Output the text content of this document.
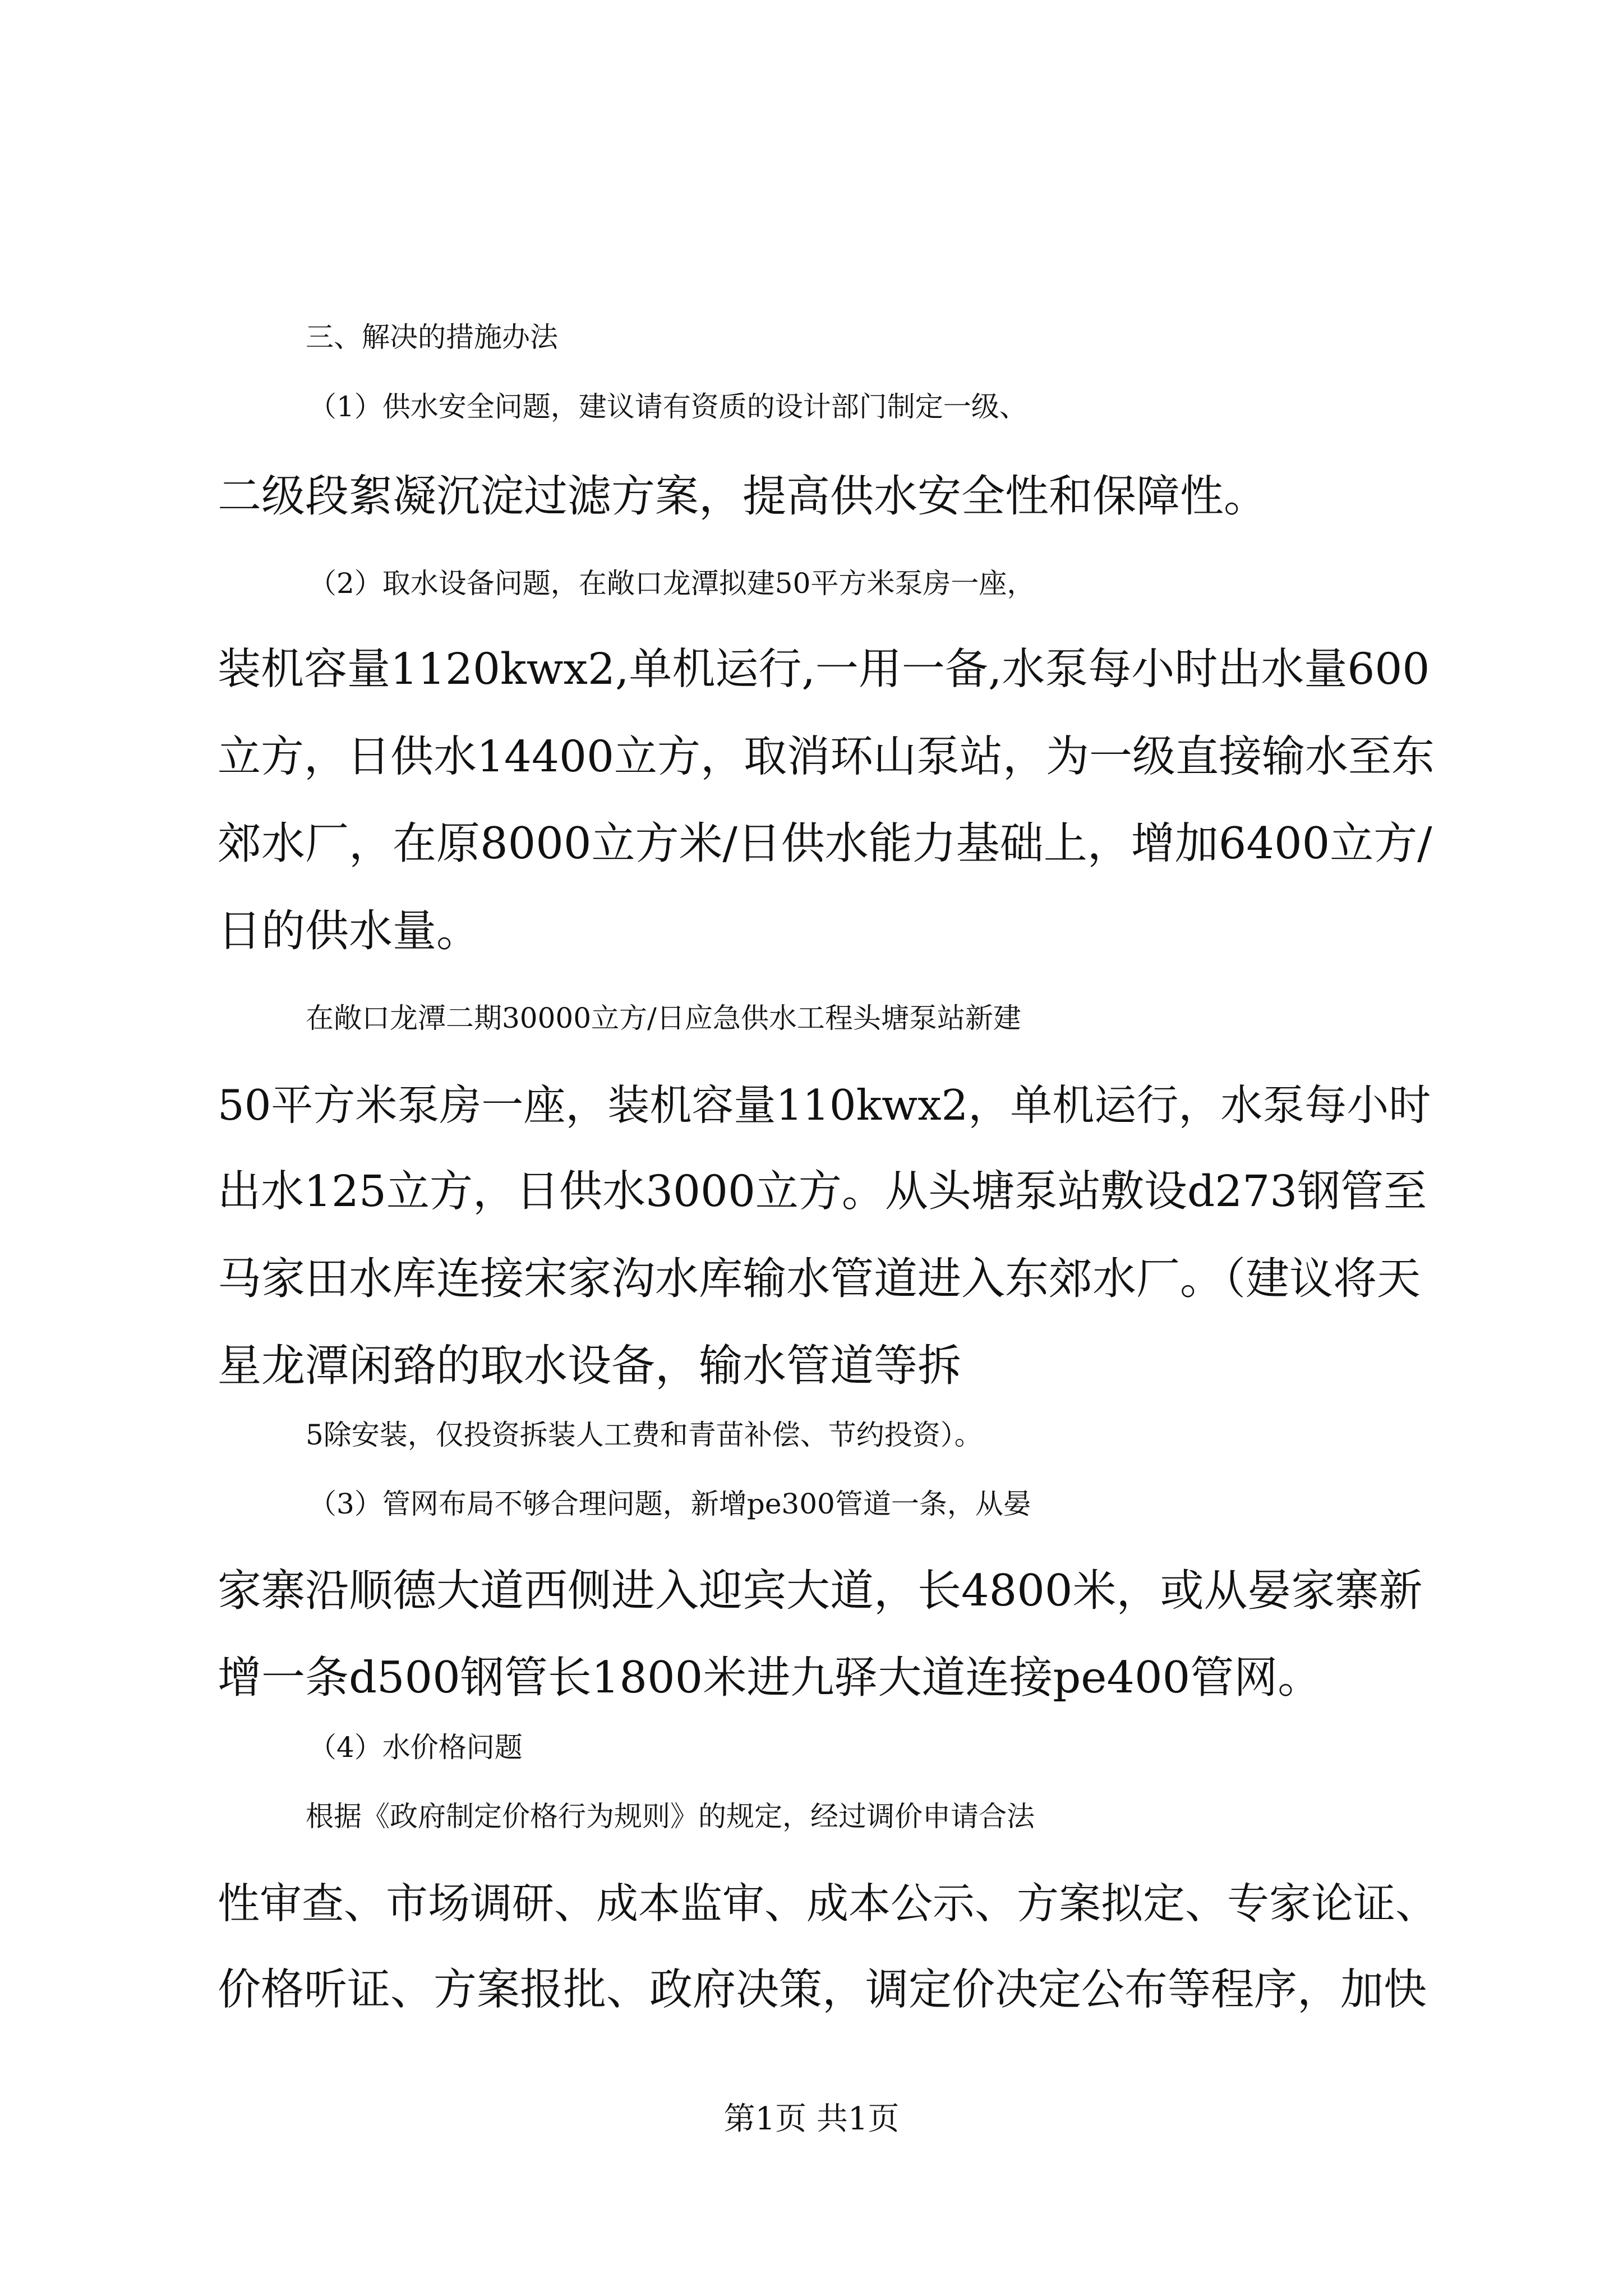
三、解决的措施办法
（1）供水安全问题，建议请有资质的设计部门制定一级、
二级段絮凝沉淀过滤方案，提高供水安全性和保障性。
（2）取水设备问题，在敞口龙潭拟建50平方米泵房一座，
装机容量1120kwx2,单机运行,一用一备,水泵每小时出水量600
立方，日供水14400立方，取消环山泵站，为一级直接输水至东
郊水厂，在原8000立方米/日供水能力基础上，增加6400立方/
日的供水量。
在敞口龙潭二期30000立方/日应急供水工程头塘泵站新建
50平方米泵房一座，装机容量110kwx2，单机运行，水泵每小时
出水125立方，日供水3000立方。从头塘泵站敷设d273钢管至
马家田水库连接宋家沟水库输水管道进入东郊水厂。（建议将天
星龙潭闲臵的取水设备，输水管道等拆
5除安装，仅投资拆装人工费和青苗补偿、节约投资）。
（3）管网布局不够合理问题，新增pe300管道一条，从晏
家寨沿顺德大道西侧进入迎宾大道，长4800米，或从晏家寨新
增一条d500钢管长1800米进九驿大道连接pe400管网。
（4）水价格问题
根据《政府制定价格行为规则》的规定，经过调价申请合法
性审查、市场调研、成本监审、成本公示、方案拟定、专家论证、
价格听证、方案报批、政府决策，调定价决定公布等程序，加快
第1页 共1页
